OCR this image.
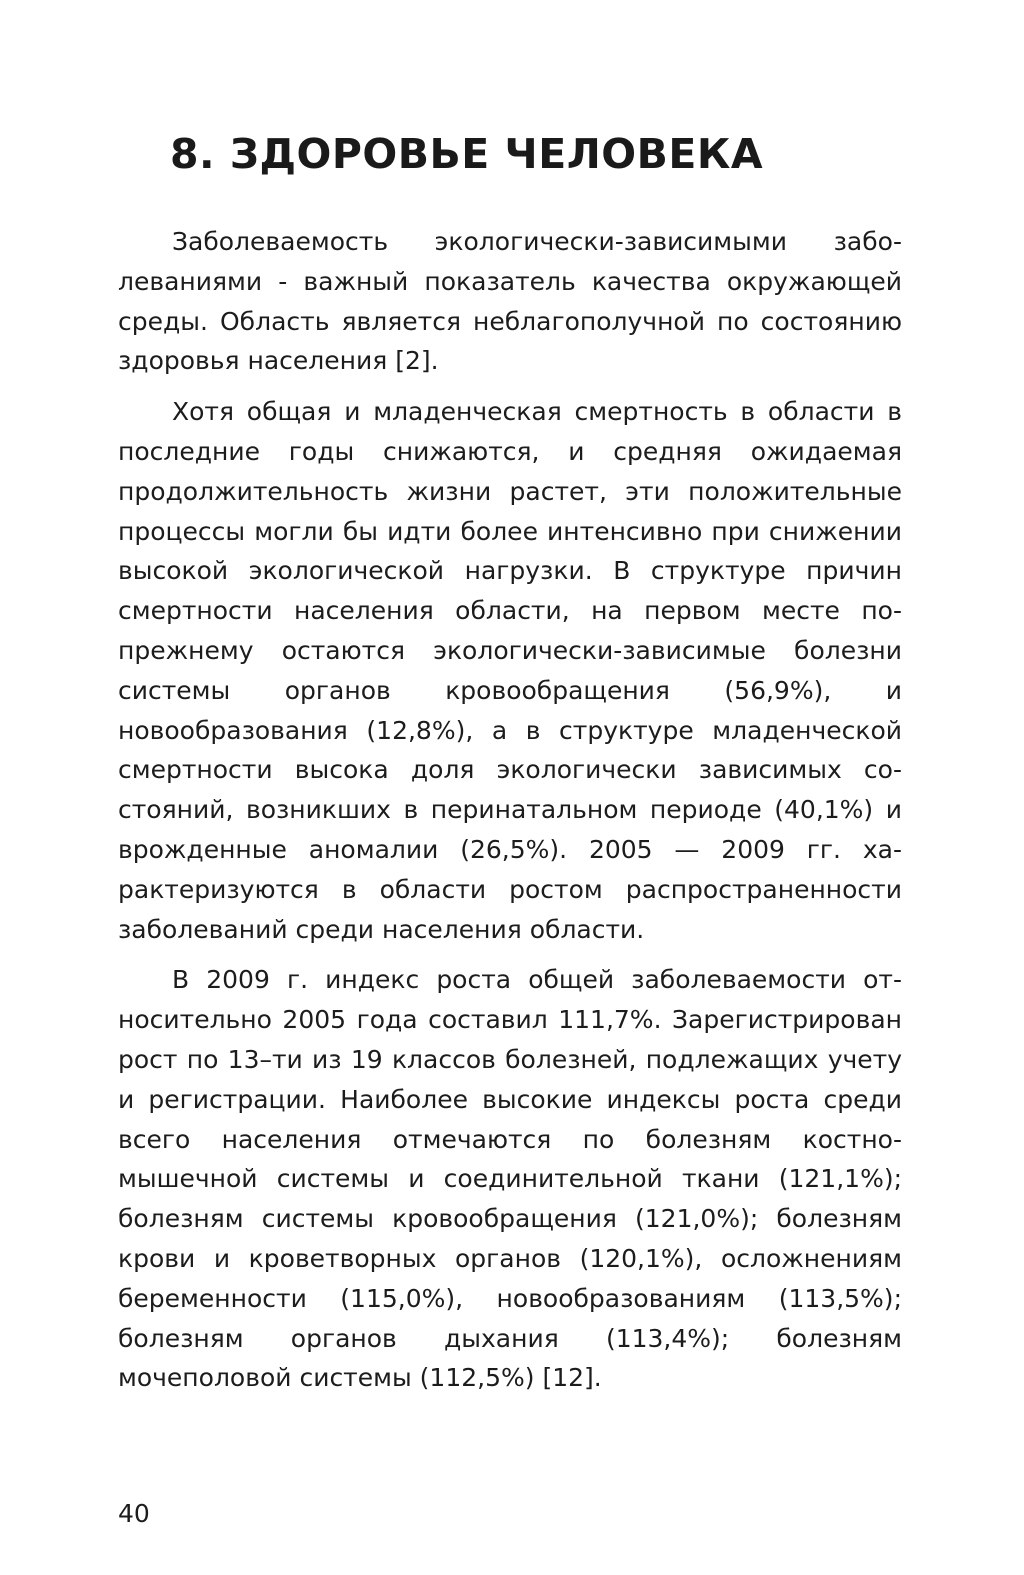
8. ЗДОРОВЬЕ ЧЕЛОВЕКА

Заболеваемость экологически-зависимыми заболеваниями - важный показатель качества окружающей среды. Область является неблагополучной по состоянию здоровья населения [2].

Хотя общая и младенческая смертность в области в последние годы снижаются, и средняя ожидаемая продолжительность жизни растет, эти положительные процессы могли бы идти более интенсивно при снижении высокой экологической нагрузки. В структуре причин смертности населения области, на первом месте по-прежнему остаются экологически-зависимые болезни системы органов кровообращения (56,9%), и новообразования (12,8%), а в структуре младенческой смертности высока доля экологически зависимых состояний, возникших в перинатальном периоде (40,1%) и врожденные аномалии (26,5%). 2005 — 2009 гг. характеризуются в области ростом распространенности заболеваний среди населения области.

В 2009 г. индекс роста общей заболеваемости относительно 2005 года составил 111,7%. Зарегистрирован рост по 13–ти из 19 классов болезней, подлежащих учету и регистрации. Наиболее высокие индексы роста среди всего населения отмечаются по болезням костно-мышечной системы и соединительной ткани (121,1%); болезням системы кровообращения (121,0%); болезням крови и кроветворных органов (120,1%), осложнениям беременности (115,0%), новообразованиям (113,5%); болезням органов дыхания (113,4%); болезням мочеполовой системы (112,5%) [12].

40
